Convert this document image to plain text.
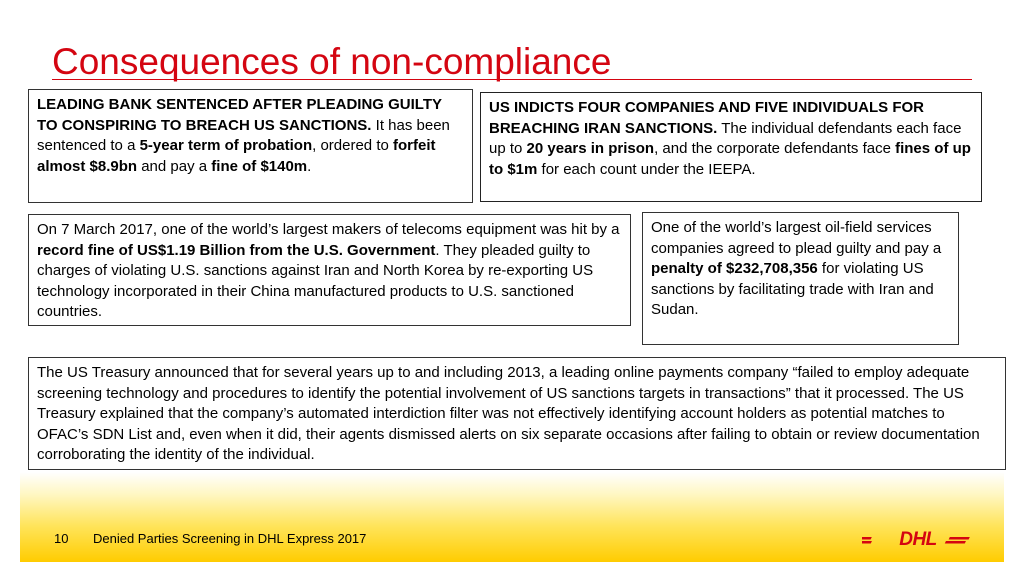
Consequences of non-compliance
LEADING BANK SENTENCED AFTER PLEADING GUILTY TO CONSPIRING TO BREACH US SANCTIONS. It has been sentenced to a 5-year term of probation, ordered to forfeit almost $8.9bn and pay a fine of $140m.
US INDICTS FOUR COMPANIES AND FIVE INDIVIDUALS FOR BREACHING IRAN SANCTIONS. The individual defendants each face up to 20 years in prison, and the corporate defendants face fines of up to $1m for each count under the IEEPA.
On 7 March 2017, one of the world’s largest makers of telecoms equipment was hit by a record fine of US$1.19 Billion from the U.S. Government. They pleaded guilty to charges of violating U.S. sanctions against Iran and North Korea by re-exporting US technology incorporated in their China manufactured products to U.S. sanctioned countries.
One of the world’s largest oil-field services companies agreed to plead guilty and pay a penalty of $232,708,356 for violating US sanctions by facilitating trade with Iran and Sudan.
The US Treasury announced that for several years up to and including 2013, a leading online payments company “failed to employ adequate screening technology and procedures to identify the potential involvement of US sanctions targets in transactions” that it processed. The US Treasury explained that the company’s automated interdiction filter was not effectively identifying account holders as potential matches to OFAC’s SDN List and, even when it did, their agents dismissed alerts on six separate occasions after failing to obtain or review documentation corroborating the identity of the individual.
10 Denied Parties Screening in DHL Express 2017	DHL
